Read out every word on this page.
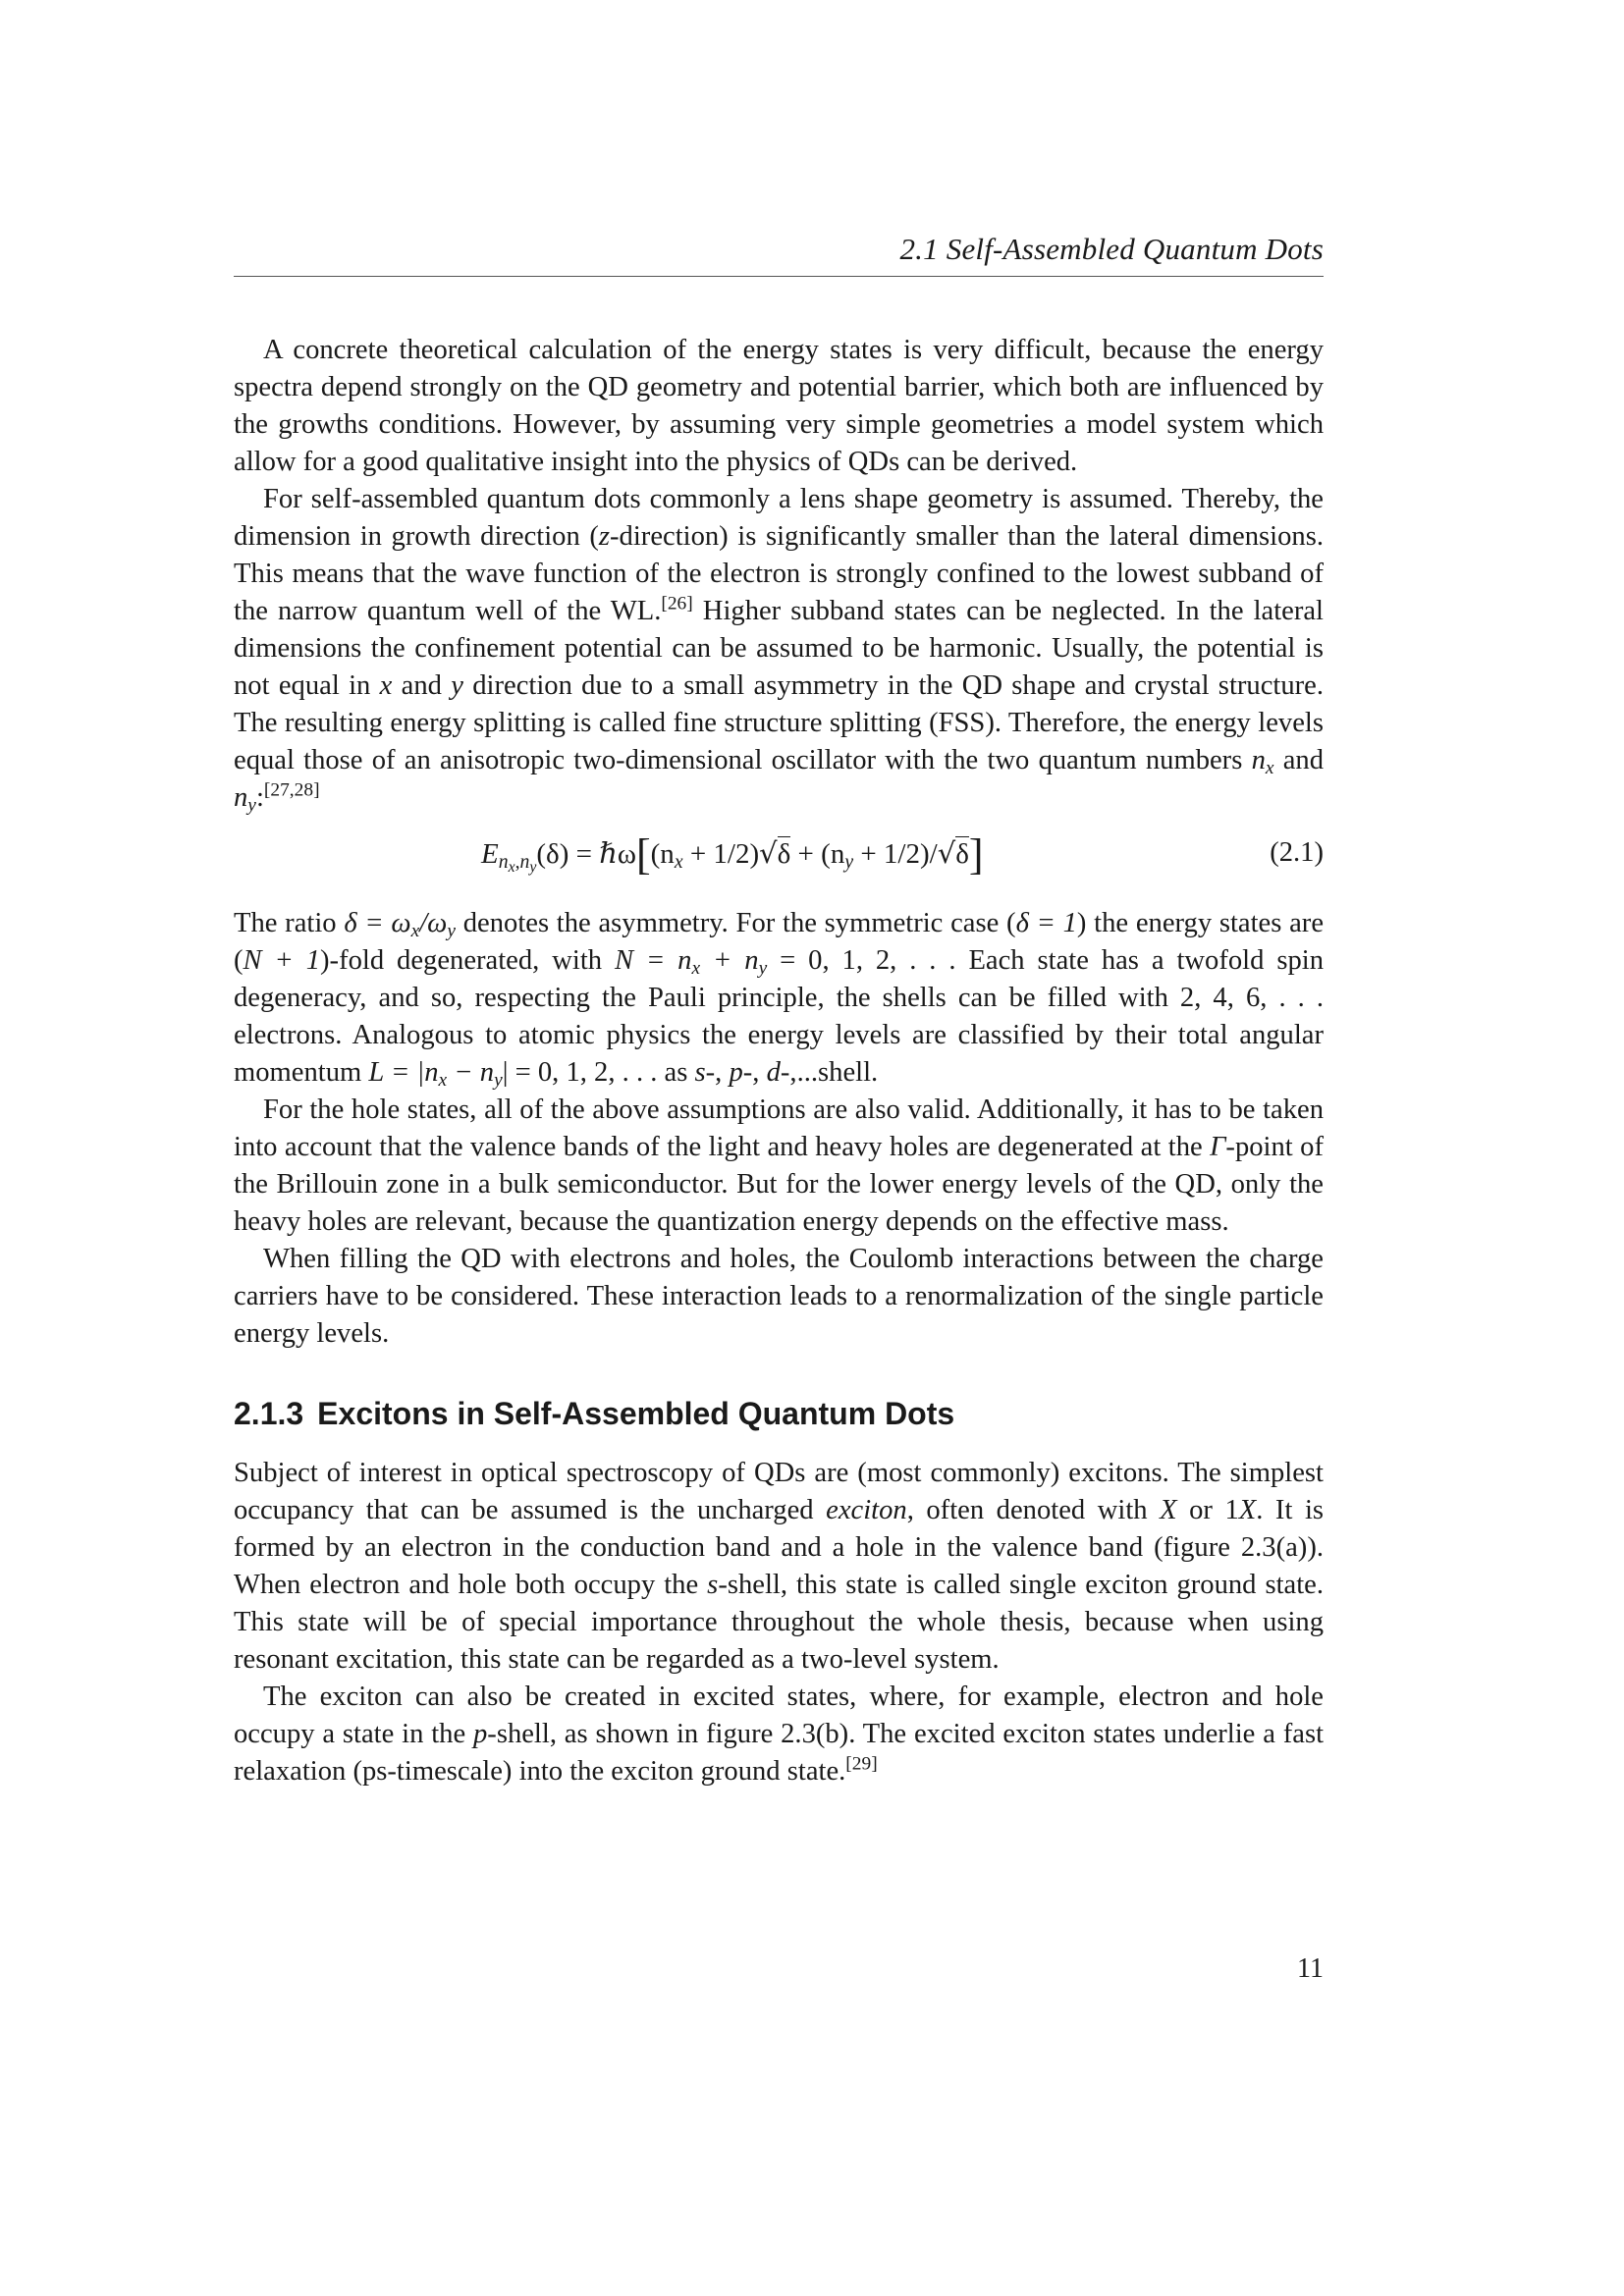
2.1 Self-Assembled Quantum Dots

A concrete theoretical calculation of the energy states is very difficult, because the energy spectra depend strongly on the QD geometry and potential barrier, which both are influenced by the growths conditions. However, by assuming very simple geometries a model system which allow for a good qualitative insight into the physics of QDs can be derived.

For self-assembled quantum dots commonly a lens shape geometry is assumed. Thereby, the dimension in growth direction (z-direction) is significantly smaller than the lateral dimensions. This means that the wave function of the electron is strongly confined to the lowest subband of the narrow quantum well of the WL.[26] Higher subband states can be neglected. In the lateral dimensions the confinement potential can be assumed to be harmonic. Usually, the potential is not equal in x and y direction due to a small asymmetry in the QD shape and crystal structure. The resulting energy splitting is called fine structure splitting (FSS). Therefore, the energy levels equal those of an anisotropic two-dimensional oscillator with the two quantum numbers $n_x$ and $n_y:[27,28]$

$E_{n_x,n_y}(\delta)$ = $\hbar\omega[(n_x + 1/2)√\delta + (n_y + 1/2)/√\delta]$	(2.1)

The ratio $\delta = \omega_x/\omega_y$ denotes the asymmetry. For the symmetric case (δ = 1) the energy states are (N + 1)-fold degenerated, with $N = n_x + n_y = 0$, 1, 2, . . . Each state has a twofold spin degeneracy, and so, respecting the Pauli principle, the shells can be filled with 2, 4, 6, . . . electrons. Analogous to atomic physics the energy levels are classified by their total angular momentum $L = |n_x - n_y| = 0$, 1, 2, . . . as s-, p-, d-,...shell.

For the hole states, all of the above assumptions are also valid. Additionally, it has to be taken into account that the valence bands of the light and heavy holes are degenerated at the Γ-point of the Brillouin zone in a bulk semiconductor. But for the lower energy levels of the QD, only the heavy holes are relevant, because the quantization energy depends on the effective mass.

When filling the QD with electrons and holes, the Coulomb interactions between the charge carriers have to be considered. These interaction leads to a renormalization of the single particle energy levels.

2.1.3 Excitons in Self-Assembled Quantum Dots

Subject of interest in optical spectroscopy of QDs are (most commonly) excitons. The simplest occupancy that can be assumed is the uncharged exciton, often denoted with X or 1X. It is formed by an electron in the conduction band and a hole in the valence band (figure 2.3(a)). When electron and hole both occupy the s-shell, this state is called single exciton ground state. This state will be of special importance throughout the whole thesis, because when using resonant excitation, this state can be regarded as a two-level system.

The exciton can also be created in excited states, where, for example, electron and hole occupy a state in the p-shell, as shown in figure 2.3(b). The excited exciton states underlie a fast relaxation (ps-timescale) into the exciton ground state.[29]

11
